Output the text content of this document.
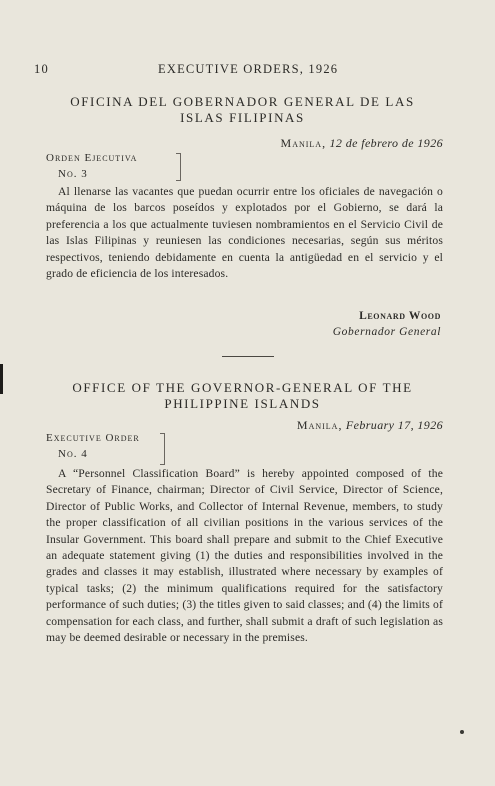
10	EXECUTIVE ORDERS, 1926
OFICINA DEL GOBERNADOR GENERAL DE LAS
ISLAS FILIPINAS
Manila, 12 de febrero de 1926
Orden Ejecutiva
No. 3
Al llenarse las vacantes que puedan ocurrir entre los oficiales de navegación o máquina de los barcos poseídos y explotados por el Gobierno, se dará la preferencia a los que actualmente tuviesen nombramientos en el Servicio Civil de las Islas Filipinas y reuniesen las condiciones necesarias, según sus méritos respectivos, teniendo debidamente en cuenta la antigüedad en el servicio y el grado de eficiencia de los interesados.
Leonard Wood
Gobernador General
OFFICE OF THE GOVERNOR-GENERAL OF THE
PHILIPPINE ISLANDS
Manila, February 17, 1926
Executive Order
No. 4
A “Personnel Classification Board” is hereby appointed composed of the Secretary of Finance, chairman; Director of Civil Service, Director of Science, Director of Public Works, and Collector of Internal Revenue, members, to study the proper classification of all civilian positions in the various services of the Insular Government. This board shall prepare and submit to the Chief Executive an adequate statement giving (1) the duties and responsibilities involved in the grades and classes it may establish, illustrated where necessary by examples of typical tasks; (2) the minimum qualifications required for the satisfactory performance of such duties; (3) the titles given to said classes; and (4) the limits of compensation for each class, and further, shall submit a draft of such legislation as may be deemed desirable or necessary in the premises.
